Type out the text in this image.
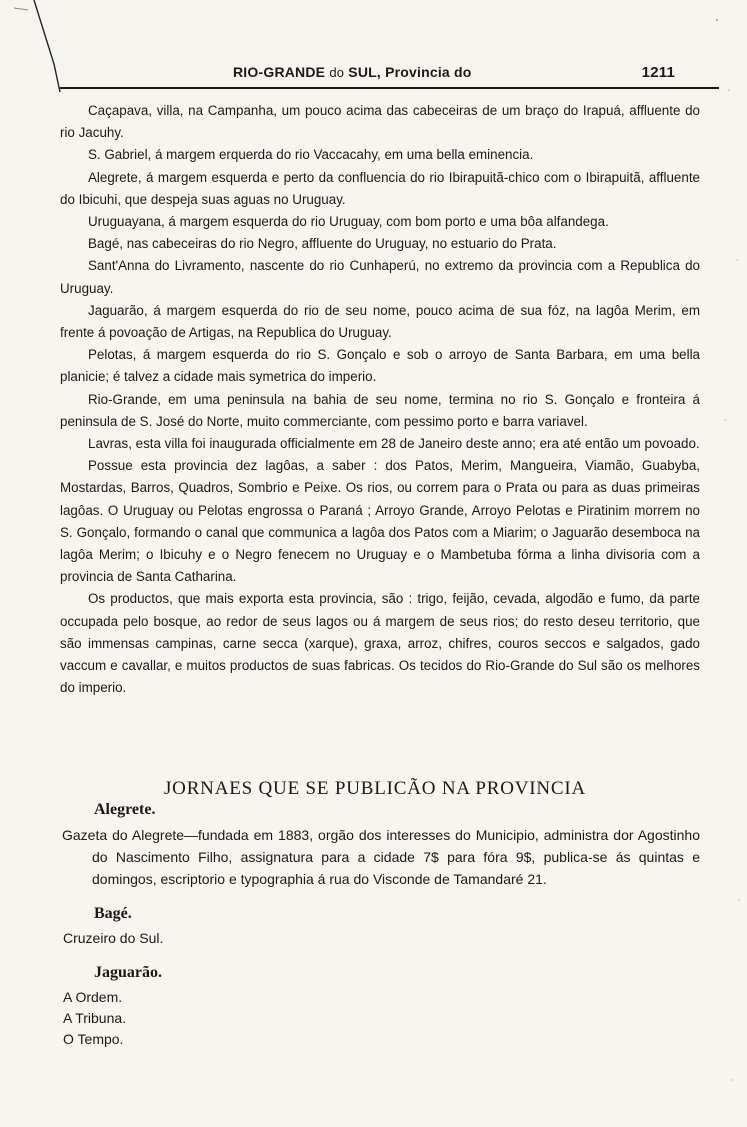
RIO-GRANDE do SUL, Provincia do	1211

Caçapava, villa, na Campanha, um pouco acima das cabeceiras de um braço do Irapuá, affluente do rio Jacuhy.

S. Gabriel, á margem erquerda do rio Vaccacahy, em uma bella eminencia.

Alegrete, á margem esquerda e perto da confluencia do rio Ibirapuitã-chico com o Ibirapuitã, affluente do Ibicuhi, que despeja suas aguas no Uruguay.

Uruguayana, á margem esquerda do rio Uruguay, com bom porto e uma bôa alfandega.

Bagé, nas cabeceiras do rio Negro, affluente do Uruguay, no estuario do Prata.

Sant'Anna do Livramento, nascente do rio Cunhaperú, no extremo da provincia com a Republica do Uruguay.

Jaguarão, á margem esquerda do rio de seu nome, pouco acima de sua fóz, na lagôa Merim, em frente á povoação de Artigas, na Republica do Uruguay.

Pelotas, á margem esquerda do rio S. Gonçalo e sob o arroyo de Santa Barbara, em uma bella planicie; é talvez a cidade mais symetrica do imperio.

Rio-Grande, em uma peninsula na bahia de seu nome, termina no rio S. Gonçalo e fronteira á peninsula de S. José do Norte, muito commerciante, com pessimo porto e barra variavel.

Lavras, esta villa foi inaugurada officialmente em 28 de Janeiro deste anno; era até então um povoado.

Possue esta provincia dez lagôas, a saber : dos Patos, Merim, Mangueira, Viamão, Guabyba, Mostardas, Barros, Quadros, Sombrio e Peixe. Os rios, ou correm para o Prata ou para as duas primeiras lagôas. O Uruguay ou Pelotas engrossa o Paraná ; Arroyo Grande, Arroyo Pelotas e Piratinim morrem no S. Gonçalo, formando o canal que communica a lagôa dos Patos com a Miarim; o Jaguarão desemboca na lagôa Merim; o Ibicuhy e o Negro fenecem no Uruguay e o Mambetuba fórma a linha divisoria com a provincia de Santa Catharina.

Os productos, que mais exporta esta provincia, são : trigo, feijão, cevada, algodão e fumo, da parte occupada pelo bosque, ao redor de seus lagos ou á margem de seus rios; do resto deseu territorio, que são immensas campinas, carne secca (xarque), graxa, arroz, chifres, couros seccos e salgados, gado vaccum e cavallar, e muitos productos de suas fabricas. Os tecidos do Rio-Grande do Sul são os melhores do imperio.

JORNAES QUE SE PUBLICÃO NA PROVINCIA
Alegrete.
Gazeta do Alegrete—fundada em 1883, orgão dos interesses do Municipio, administra dor Agostinho do Nascimento Filho, assignatura para a cidade 7$ para fóra 9$, publica-se ás quintas e domingos, escriptorio e typographia á rua do Visconde de Tamandaré 21.
Bagé.
Cruzeiro do Sul.
Jaguarão.
A Ordem.
A Tribuna.
O Tempo.
